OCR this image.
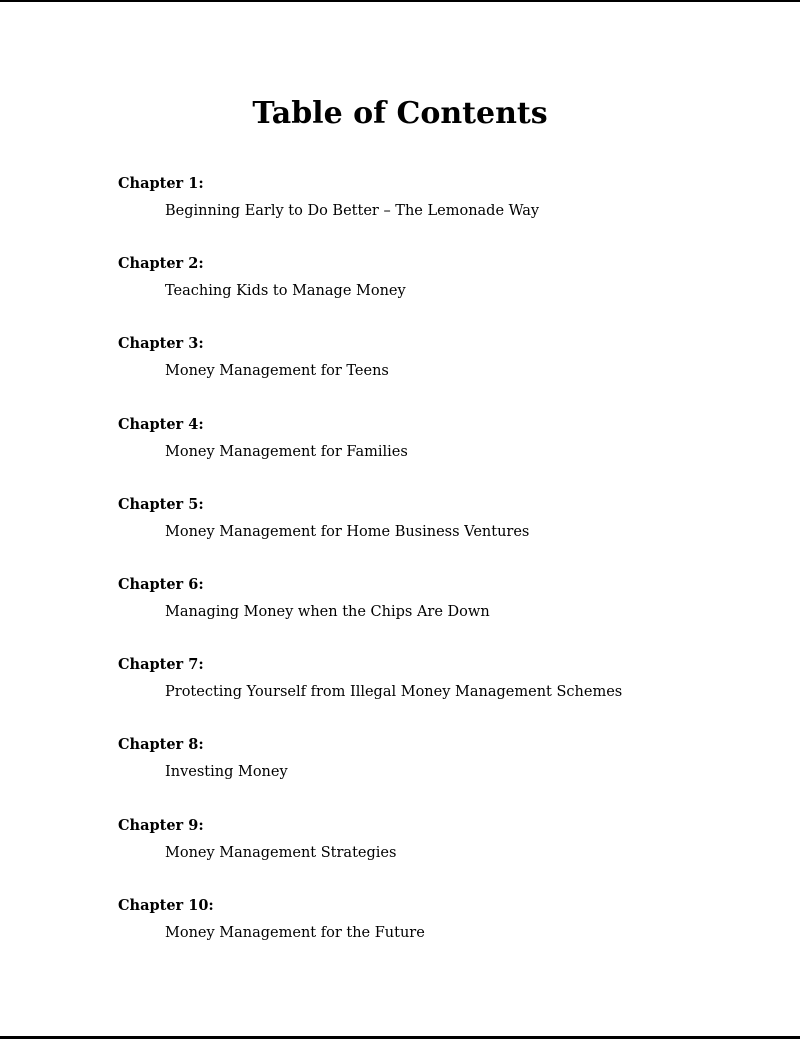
Table of Contents
Chapter 1:
Beginning Early to Do Better – The Lemonade Way
Chapter 2:
Teaching Kids to Manage Money
Chapter 3:
Money Management for Teens
Chapter 4:
Money Management for Families
Chapter 5:
Money Management for Home Business Ventures
Chapter 6:
Managing Money when the Chips Are Down
Chapter 7:
Protecting Yourself from Illegal Money Management Schemes
Chapter 8:
Investing Money
Chapter 9:
Money Management Strategies
Chapter 10:
Money Management for the Future
